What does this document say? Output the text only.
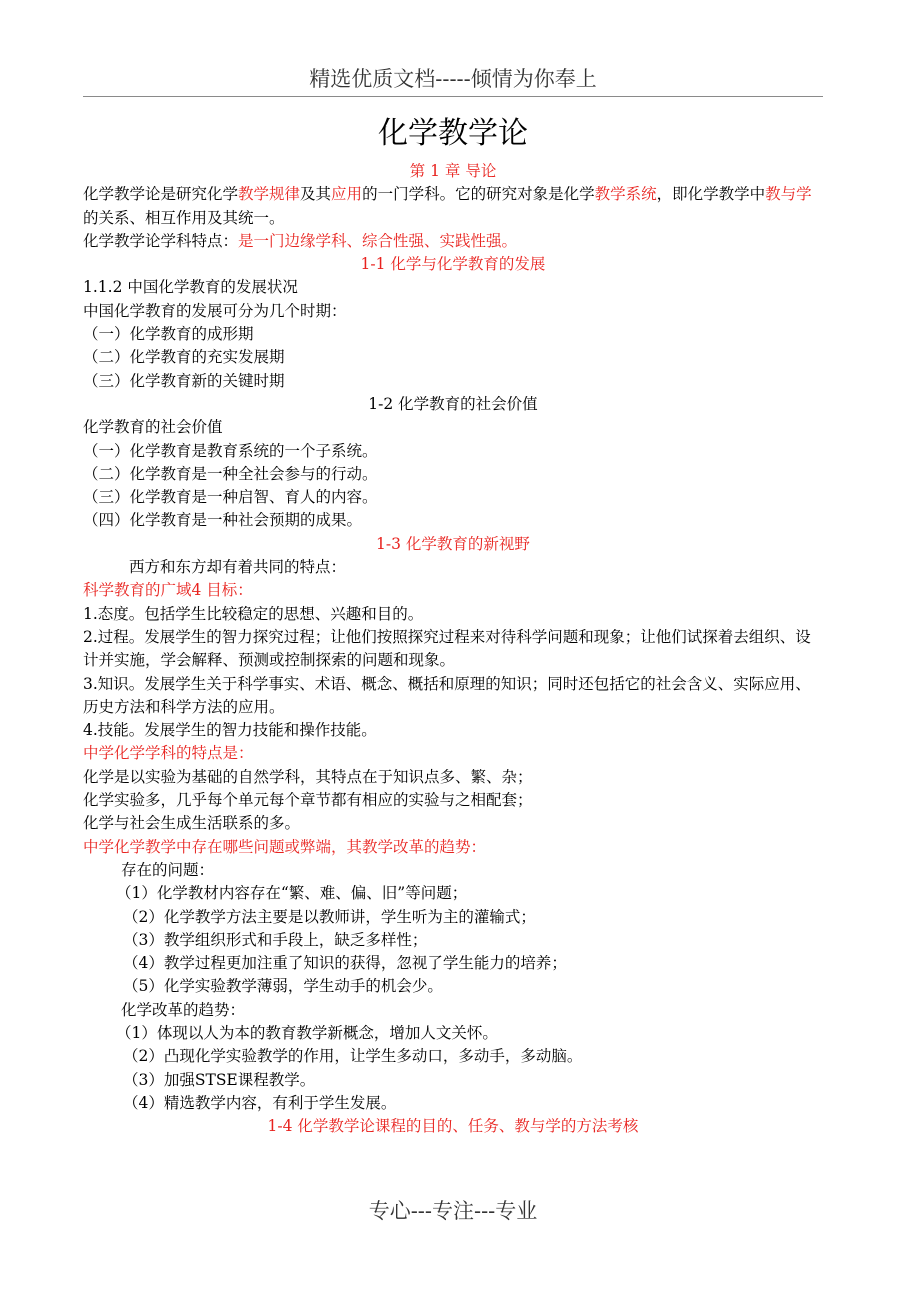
精选优质文档-----倾情为你奉上
化学教学论

第 1 章 导论

化学教学论是研究化学教学规律及其应用的一门学科。它的研究对象是化学教学系统，即化学教学中教与学的关系、相互作用及其统一。

化学教学论学科特点：是一门边缘学科、综合性强、实践性强。

1-1 化学与化学教育的发展

1.1.2 中国化学教育的发展状况

中国化学教育的发展可分为几个时期：

（一）化学教育的成形期

（二）化学教育的充实发展期

（三）化学教育新的关键时期

1-2 化学教育的社会价值

化学教育的社会价值

（一）化学教育是教育系统的一个子系统。

（二）化学教育是一种全社会参与的行动。

（三）化学教育是一种启智、育人的内容。

（四）化学教育是一种社会预期的成果。

1-3 化学教育的新视野

西方和东方却有着共同的特点：

科学教育的广域4 目标：

1.态度。包括学生比较稳定的思想、兴趣和目的。

2.过程。发展学生的智力探究过程；让他们按照探究过程来对待科学问题和现象；让他们试探着去组织、设计并实施，学会解释、预测或控制探索的问题和现象。

3.知识。发展学生关于科学事实、术语、概念、概括和原理的知识；同时还包括它的社会含义、实际应用、历史方法和科学方法的应用。

4.技能。发展学生的智力技能和操作技能。

中学化学学科的特点是：

化学是以实验为基础的自然学科，其特点在于知识点多、繁、杂；

化学实验多，几乎每个单元每个章节都有相应的实验与之相配套；

化学与社会生成生活联系的多。

中学化学教学中存在哪些问题或弊端，其教学改革的趋势：

存在的问题：

（1）化学教材内容存在“繁、难、偏、旧”等问题；

（2）化学教学方法主要是以教师讲，学生听为主的灌输式；

（3）教学组织形式和手段上，缺乏多样性；

（4）教学过程更加注重了知识的获得，忽视了学生能力的培养；

（5）化学实验教学薄弱，学生动手的机会少。

化学改革的趋势：

（1）体现以人为本的教育教学新概念，增加人文关怀。

（2）凸现化学实验教学的作用，让学生多动口，多动手，多动脑。

（3）加强STSE课程教学。

（4）精选教学内容，有利于学生发展。

1-4 化学教学论课程的目的、任务、教与学的方法考核

专心---专注---专业
